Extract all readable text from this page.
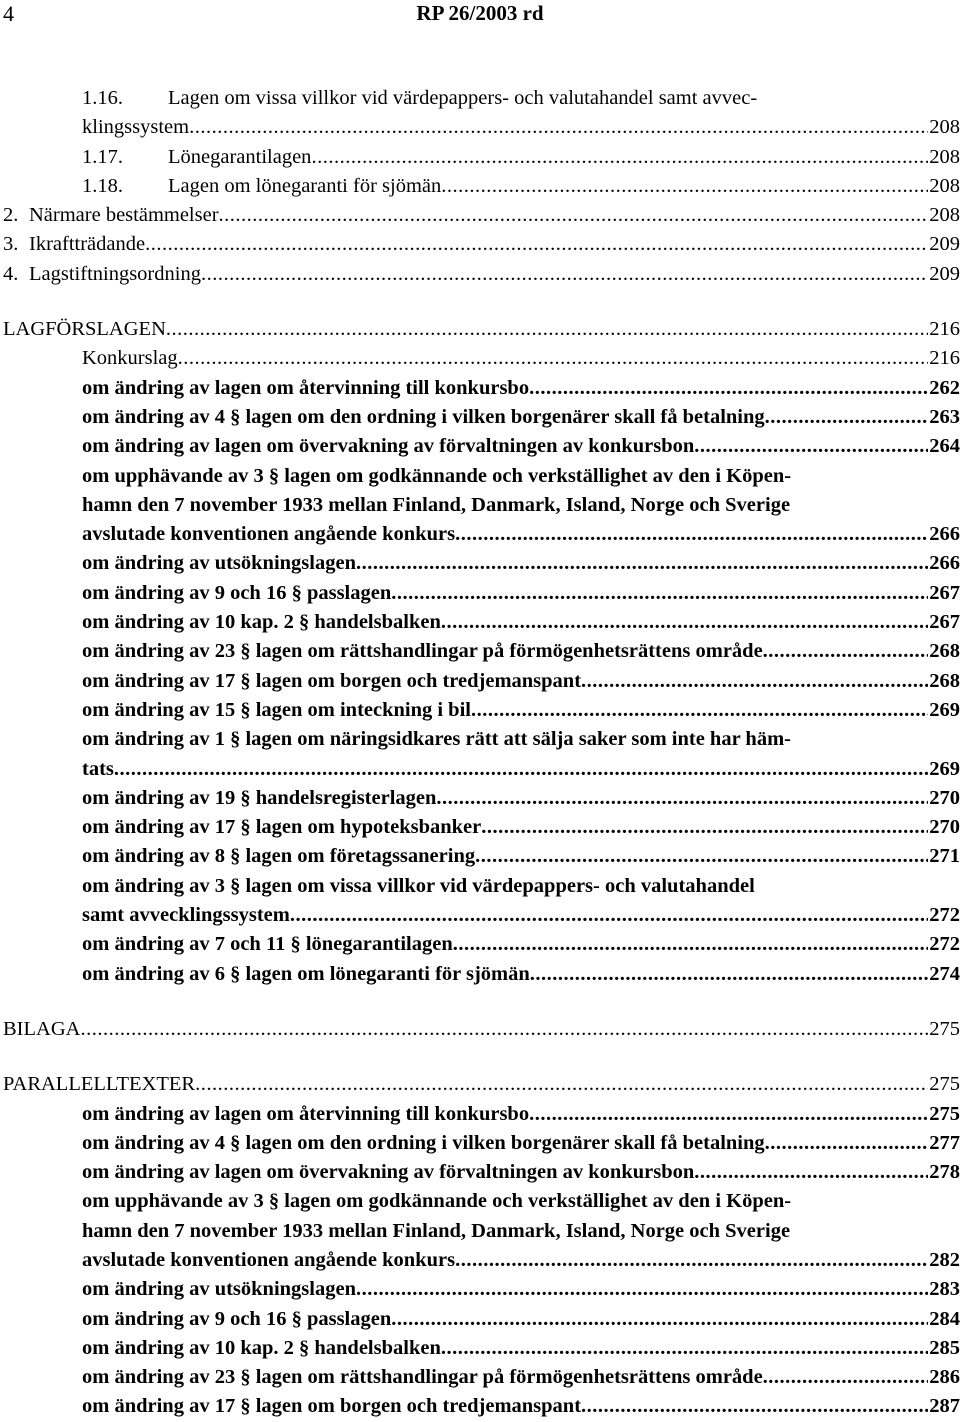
4	RP 26/2003 rd
1.16. Lagen om vissa villkor vid värdepappers- och valutahandel samt avvec-
klingssystem .....	208
1.17. Lönegarantilagen .....	208
1.18. Lagen om lönegaranti för sjömän .....	208
2. Närmare bestämmelser .....	208
3. Ikraftträdande .....	209
4. Lagstiftningsordning .....	209
LAGFÖRSLAGEN .....	216
Konkurslag .....	216
om ändring av lagen om återvinning till konkursbo .....	262
om ändring av 4 § lagen om den ordning i vilken borgenärer skall få betalning .....	263
om ändring av lagen om övervakning av förvaltningen av konkursbon .....	264
om upphävande av 3 § lagen om godkännande och verkställighet av den i Köpen-
hamn den 7 november 1933 mellan Finland, Danmark, Island, Norge och Sverige
avslutade konventionen angående konkurs .....	266
om ändring av utsökningslagen .....	266
om ändring av 9 och 16 § passlagen .....	267
om ändring av 10 kap. 2 § handelsbalken .....	267
om ändring av 23 § lagen om rättshandlingar på förmögenhetsrättens område .....	268
om ändring av 17 § lagen om borgen och tredjemanspant .....	268
om ändring av 15 § lagen om inteckning i bil .....	269
om ändring av 1 § lagen om näringsidkares rätt att sälja saker som inte har häm-
tats .....	269
om ändring av 19 § handelsregisterlagen .....	270
om ändring av 17 § lagen om hypoteksbanker .....	270
om ändring av 8 § lagen om företagssanering .....	271
om ändring av 3 § lagen om vissa villkor vid värdepappers- och valutahandel
samt avvecklingssystem .....	272
om ändring av 7 och 11 § lönegarantilagen .....	272
om ändring av 6 § lagen om lönegaranti för sjömän .....	274
BILAGA .....	275
PARALLELLTEXTER .....	275
om ändring av lagen om återvinning till konkursbo .....	275
om ändring av 4 § lagen om den ordning i vilken borgenärer skall få betalning .....	277
om ändring av lagen om övervakning av förvaltningen av konkursbon .....	278
om upphävande av 3 § lagen om godkännande och verkställighet av den i Köpen-
hamn den 7 november 1933 mellan Finland, Danmark, Island, Norge och Sverige
avslutade konventionen angående konkurs .....	282
om ändring av utsökningslagen .....	283
om ändring av 9 och 16 § passlagen .....	284
om ändring av 10 kap. 2 § handelsbalken .....	285
om ändring av 23 § lagen om rättshandlingar på förmögenhetsrättens område .....	286
om ändring av 17 § lagen om borgen och tredjemanspant .....	287
